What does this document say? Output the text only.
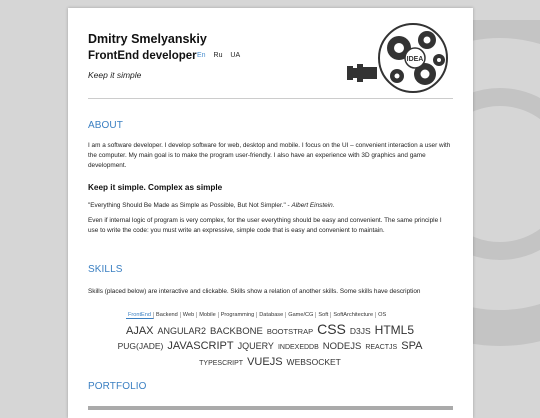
Dmitry Smelyanskiy
FrontEnd developer En Ru UA
Keep it simple
IDEA
ABOUT
I am a software developer. I develop software for web, desktop and mobile. I focus on the UI – convenient interaction a user with the computer. My main goal is to make the program user-friendly. I also have an experience with 3D graphics and game development.
Keep it simple. Complex as simple
"Everything Should Be Made as Simple as Possible, But Not Simpler." - Albert Einstein.
Even if internal logic of program is very complex, for the user everything should be easy and convenient. The same principle I use to write the code: you must write an expressive, simple code that is easy and convenient to maintain.
SKILLS
Skills (placed below) are interactive and clickable. Skills show a relation of another skills. Some skills have description
FrontEnd Backend Web Mobile Programming Database Game/CG Soft SoftArchitecture OS
AJAX ANGULAR2 BACKBONE BOOTSTRAP CSS D3JS HTML5PUG(JADE) JAVASCRIPT JQUERY INDEXEDDB NODEJS REACTJS SPATYPESCRIPT VUEJS WEBSOCKET
PORTFOLIO
